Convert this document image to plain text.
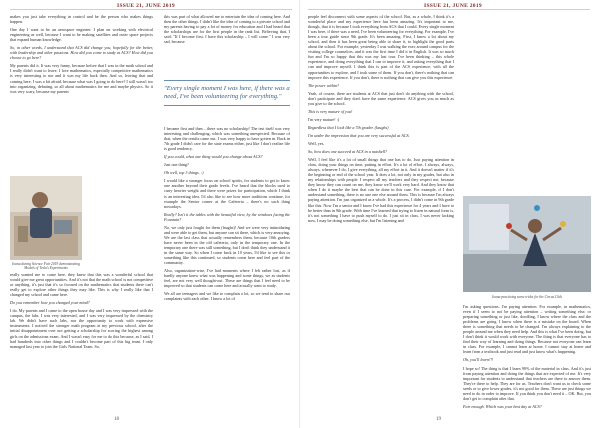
ISSUE 21, JUNE 2019

makes you just take everything in control and be the person who makes things happen.

One day I want to be an aerospace engineer. I plan on working with electrical engineering as well, because I want to be making satellites and outer space projects that expand human knowledge.

So, in other words, I understand that ACS did change you, hopefully for the better, with leadership and other passions. How did you come to study at ACS? How did you choose to go here?

My parents did it. It was very funny, because before that I was in the math school and I really didn't want to leave. I love mathematics, especially competitive mathematics is very interesting to me and it was my life back then. And so, leaving that and coming here, I was a bit afraid, because what was I going to do here? I still wasn't too into organizing, debating, so all about mathematics for me and maybe physics. So it was very scary, because my parents

Ioana during Science Fair 2019 demonstrating Models of Tesla's Experiments

really wanted me to come here, they knew that this was a wonderful school that would give me great opportunities. And it's not that the math school is not competitive or anything, it's just that it's so focused on the mathematics that students there can't really get to explore other things they may like. This is why I really like that I changed my school and came here.

Do you remember how you changed your mind?

I do. My parents and I came to the open house day and I was very impressed with the campus, the labs. I was very interested, and I was very impressed by the chemistry lab. We didn't have such labs, nor the opportunity to work with expensive instruments. I noticed the stronger math program at my previous school, after the initial disappointment over not getting a scholarship for scoring the highest among girls on the admissions exam. And I wasn't easy for me to do this because, as I said, I had hundreds into other things and I couldn't become part of this big team. I only managed last year to join the Girls National Team. So,

this was part of what allowed me to entertain the idea of coming here. And then the other things. I didn't like the idea of coming to a private school and my parents having to pay a lot of money for education and I had heard that the scholarships are for the first people in the rank list. Believing that, I said: "If I become first, I have this scholarship – I will come." I was very sad, because

"Every single moment I was here, if there was a need, I've been volunteering for everything."

I became first and then – there was no scholarship! The test itself was very interesting and challenging, which was something unexpected. Because of that, when the results came out, I was very happy to have gotten in. Back in 7th grade I didn't care for the state exams either, just like I don't realize life is good tendency.

If you could, what one thing would you change about ACS?

Just one thing?

Oh well, top 3 things. :)

I would like a stronger focus on school spirits, for students to get to know one another beyond their grade levels. I've heard that the blocks used to carry heavier weight and there were prizes for participation, which I think is an interesting idea. I'd also like to see how more traditions continue, for example the Senior corner at the Cafeteria – there's no such thing nowadays.

Really? Isn't it the tables with the beautiful view, by the windows facing the Fountain?

No, we only just fought for them (laughs)! And we were very intimidating and were able to get them, but anyone can sit there, which is very annoying. We are the last class that actually remembers them, because 10th graders have never been in the old cafeteria, only in the temporary one. In the temporary one there was still something, but I don't think they understand it in the same way. So when I come back in 10 years, I'd like to see this or something like this continued, so students come here and feel part of the community.

Also, organization-wise, I've had moments where I felt rather lost, as if hardly anyone knew what was happening and some things, we as students feel, are not very well thought-out. These are things that I feel need to be improved so that students can come here and actually want to study.

We all are teenagers and we like to complain a lot, so we tend to share our complaints with each other. I know a lot of

18
ISSUE 21, JUNE 2019

people feel disconnect with some aspects of the school. But, as a whole, I think it's a wonderful place and my experience here has been amazing. It's important to me, though, that it is because I took everything from ACS that I could. Every single moment I was here, if there was a need, I've been volunteering for everything. For example, I've been a tour guide since 9th grade. It's been amazing. First, I know a lot about my school, and then it has been great being able to share it, to highlight the good parts about the school. For example, yesterday I was walking the exec around campus for the visiting college counselors, and it was the first time I did it in English. It was so much fun and I'm so happy that this was my last tour. I've been thinking – this whole experience, and doing everything that I can to improve it, and asking everything that I can and improve myself. I think this is part of the ACS experience, with all the opportunities to explore, and I took some of them. If you don't, there's nothing that can improve this experience. If you don't, there is nothing that can give you this experience.

The power within?

Yeah, of course, there are students at ACS that just don't do anything with the school, don't participate and they don't have the same experience. ACS gives you as much as you give to the school.

This is very mature of you!

I'm very mature! :)

Regardless that I look like a 7th grader. (laughs)

I'm under the impression that you are very successful at ACS.

Well, yes.

So, how does one succeed at ACS in a nutshell?

Well, I feel like it's a lot of small things that one has to do. Just paying attention in class, doing your things on time, putting in effort. It's a lot of effort. I always, always, always, whenever I do, I give everything, all my effort in it. And it doesn't matter if it's the beginning or end of the school year. It does a lot, not only in my grades, but also in my relationships with people. I respect all my teachers and they respect me, because they know they can count on me, they know we'll work very hard. And they know that when I do it maybe the best that can be done in this case. For example, if I don't understand something, there is no one one else around them. This is because I'm always paying attention. I'm just organized as a whole. It's a process, I didn't come in 9th grade like this. Now I'm a senior and I know I've had this experience for 4 years and I have to be better than in 9th grade. With time I've learned that trying to listen in natural form is, it's not something I have to push myself to do. I just sit in class. I was never lacking now, I may be doing something else, but I'm listening and

Ioana practicing some tricks for the Circus Club

I'm asking questions. I'm paying attention. For example, in mathematics, even if I seem to not be paying attention – writing something else, or preparing something or just like, doodling, I know where the class and the problems are going. I know when there is a mistake on the board. When there is something that needs to be changed. I'm always explaining to the people around me when they need help. And this is what I've been doing, but I don't think it would work with everyone. The thing is that everyone has to find their way of learning and doing things. Because not everyone can learn in class. For example, I cannot learn at home. I cannot stay at home and learn from a textbook and just read and just know what's happening.

Oh, you'll learn!!!

I hope so! The thing is that I learn 90% of the material in class. And it's just from paying attention and doing the things that are expected of me. It's very important for students to understand that teachers are there to answer them. They're there to help. They are for us. Teachers don't want us to check some seeds or to give lower grades, it's not good for them. These are just things we need to do in order to improve. If you think you don't need it – OK. But, you don't get to complain after that.

Fair enough. Which was your best day at ACS?

19
